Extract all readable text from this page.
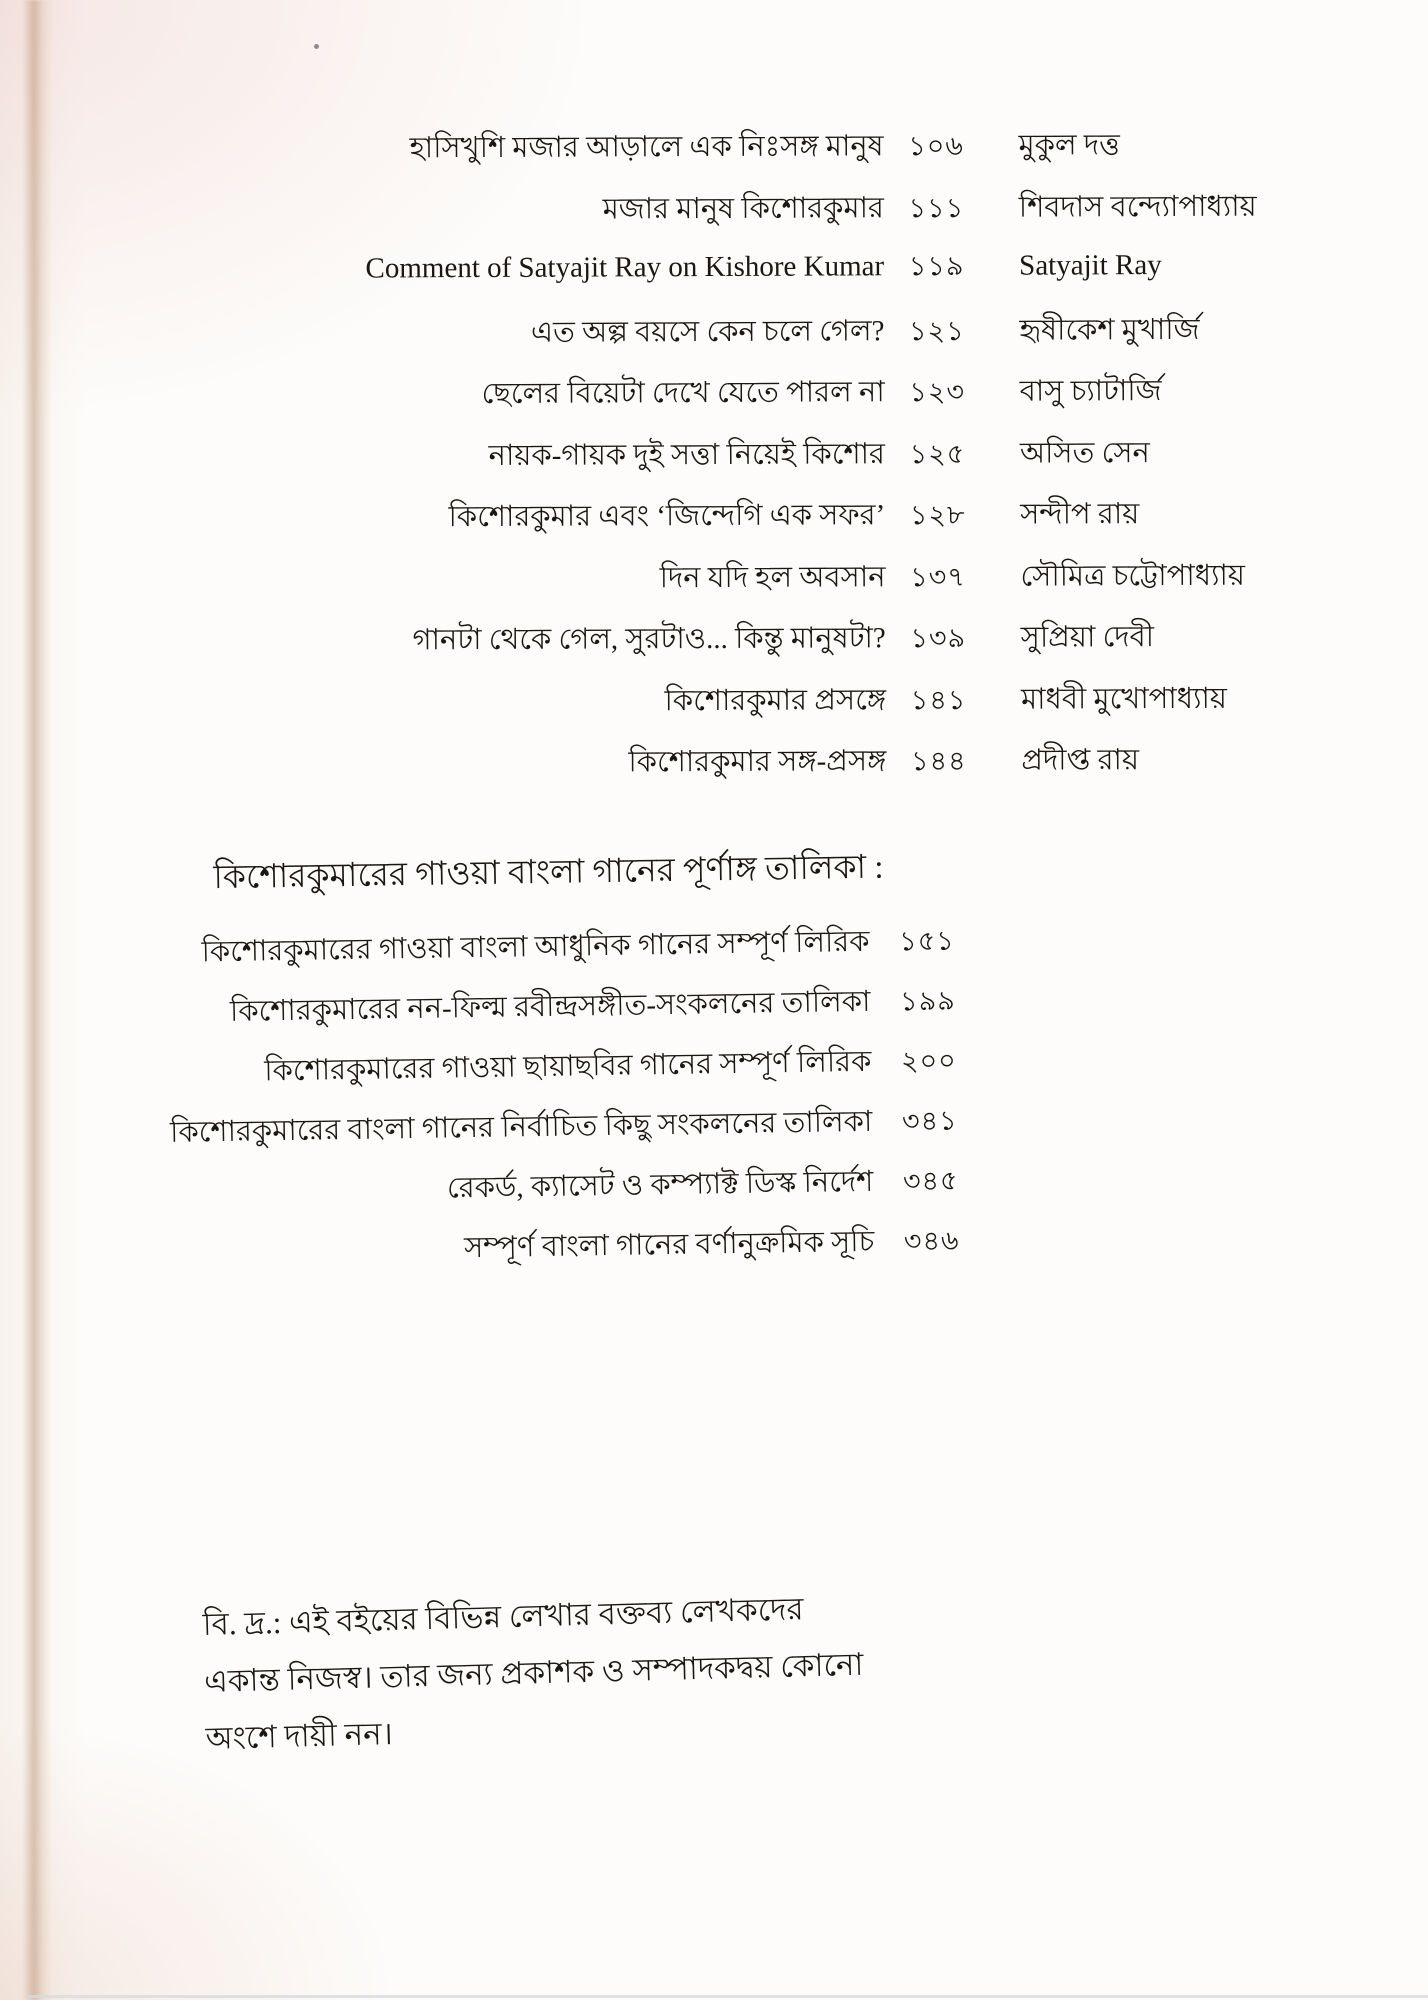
হাসিখুশি মজার আড়ালে এক নিঃসঙ্গ মানুষ ১০৬	মুকুল দত্ত
মজার মানুষ কিশোরকুমার ১১১	শিবদাস বন্দ্যোপাধ্যায়
Comment of Satyajit Ray on Kishore Kumar ১১৯	Satyajit Ray
এত অল্প বয়সে কেন চলে গেল? ১২১	হৃষীকেশ মুখার্জি
ছেলের বিয়েটা দেখে যেতে পারল না ১২৩	বাসু চ্যাটার্জি
নায়ক-গায়ক দুই সত্তা নিয়েই কিশোর ১২৫	অসিত সেন
কিশোরকুমার এবং ‘জিন্দেগি এক সফর’ ১২৮	সন্দীপ রায়
দিন যদি হল অবসান ১৩৭	সৌমিত্র চট্টোপাধ্যায়
গানটা থেকে গেল, সুরটাও... কিন্তু মানুষটা? ১৩৯	সুপ্রিয়া দেবী
কিশোরকুমার প্রসঙ্গে ১৪১	মাধবী মুখোপাধ্যায়
কিশোরকুমার সঙ্গ-প্রসঙ্গ ১৪৪	প্রদীপ্ত রায়

কিশোরকুমারের গাওয়া বাংলা গানের পূর্ণাঙ্গ তালিকা :

কিশোরকুমারের গাওয়া বাংলা আধুনিক গানের সম্পূর্ণ লিরিক	১৫১
কিশোরকুমারের নন-ফিল্ম রবীন্দ্রসঙ্গীত-সংকলনের তালিকা	১৯৯
কিশোরকুমারের গাওয়া ছায়াছবির গানের সম্পূর্ণ লিরিক	২০০
কিশোরকুমারের বাংলা গানের নির্বাচিত কিছু সংকলনের তালিকা	৩৪১
রেকর্ড, ক্যাসেট ও কম্প্যাক্ট ডিস্ক নির্দেশ	৩৪৫
সম্পূর্ণ বাংলা গানের বর্ণানুক্রমিক সূচি	৩৪৬
বি. দ্র.: এই বইয়ের বিভিন্ন লেখার বক্তব্য লেখকদের
একান্ত নিজস্ব। তার জন্য প্রকাশক ও সম্পাদকদ্বয় কোনো
অংশে দায়ী নন।
